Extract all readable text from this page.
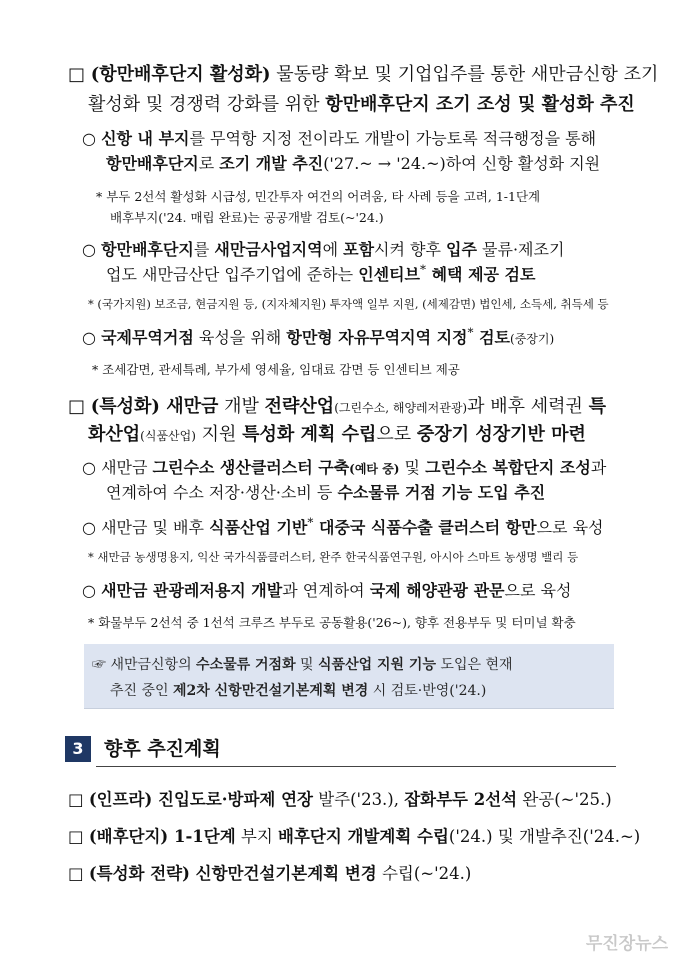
□ (항만배후단지 활성화) 물동량 확보 및 기업입주를 통한 새만금신항 조기
활성화 및 경쟁력 강화를 위한 항만배후단지 조기 조성 및 활성화 추진
○ 신항 내 부지를 무역항 지정 전이라도 개발이 가능토록 적극행정을 통해
항만배후단지로 조기 개발 추진('27.~ → '24.~)하여 신항 활성화 지원
* 부두 2선석 활성화 시급성, 민간투자 여건의 어려움, 타 사례 등을 고려, 1-1단계
배후부지('24. 매립 완료)는 공공개발 검토(~'24.)
○ 항만배후단지를 새만금사업지역에 포함시켜 향후 입주 물류·제조기
업도 새만금산단 입주기업에 준하는 인센티브* 혜택 제공 검토
* (국가지원) 보조금, 현금지원 등, (지자체지원) 투자액 일부 지원, (세제감면) 법인세, 소득세, 취득세 등
○ 국제무역거점 육성을 위해 항만형 자유무역지역 지정* 검토(중장기)
* 조세감면, 관세특례, 부가세 영세율, 임대료 감면 등 인센티브 제공
□ (특성화) 새만금 개발 전략산업(그린수소, 해양레저관광)과 배후 세력권 특
화산업(식품산업) 지원 특성화 계획 수립으로 중장기 성장기반 마련
○ 새만금 그린수소 생산클러스터 구축(예타 중) 및 그린수소 복합단지 조성과
연계하여 수소 저장·생산·소비 등 수소물류 거점 기능 도입 추진
○ 새만금 및 배후 식품산업 기반* 대중국 식품수출 클러스터 항만으로 육성
* 새만금 농생명용지, 익산 국가식품클러스터, 완주 한국식품연구원, 아시아 스마트 농생명 밸리 등
○ 새만금 관광레저용지 개발과 연계하여 국제 해양관광 관문으로 육성
* 화물부두 2선석 중 1선석 크루즈 부두로 공동활용('26~), 향후 전용부두 및 터미널 확충
☞ 새만금신항의 수소물류 거점화 및 식품산업 지원 기능 도입은 현재
추진 중인 제2차 신항만건설기본계획 변경 시 검토·반영('24.)
3	향후 추진계획
□ (인프라) 진입도로·방파제 연장 발주('23.), 잡화부두 2선석 완공(~'25.)
□ (배후단지) 1-1단계 부지 배후단지 개발계획 수립('24.) 및 개발추진('24.~)
□ (특성화 전략) 신항만건설기본계획 변경 수립(~'24.)
무진장뉴스
